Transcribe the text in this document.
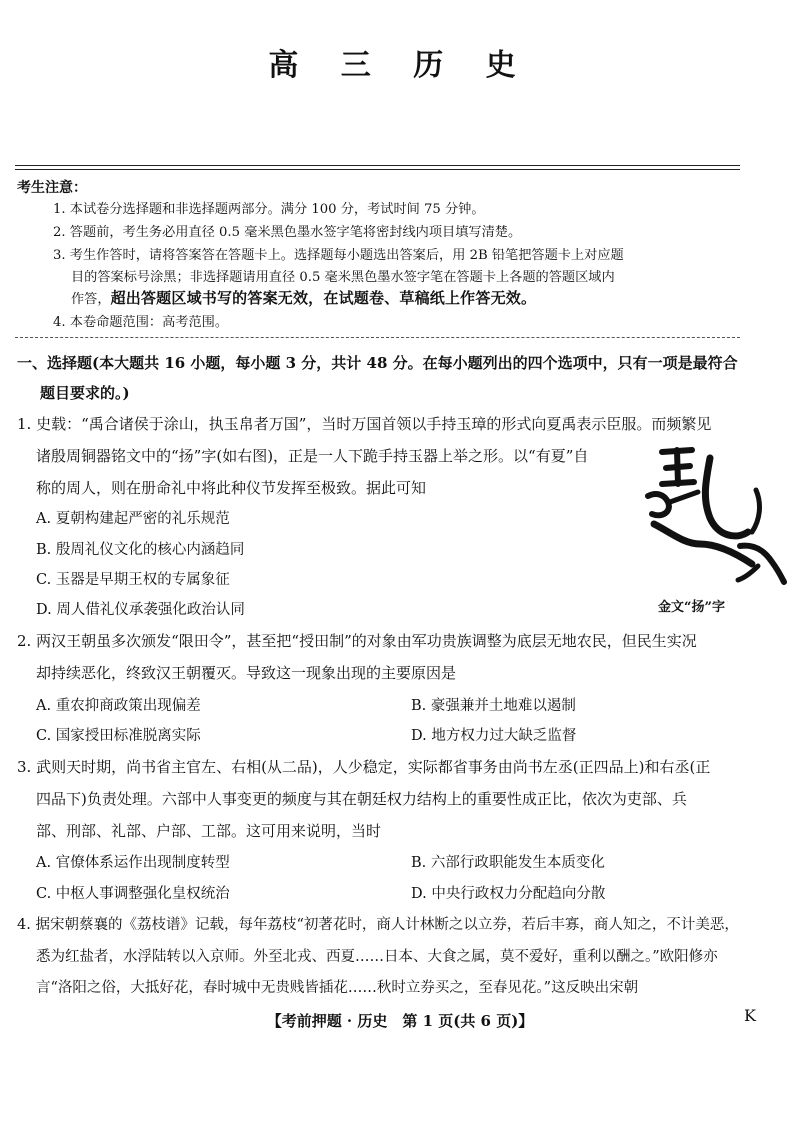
高 三 历 史
考生注意：
1. 本试卷分选择题和非选择题两部分。满分 100 分，考试时间 75 分钟。
2. 答题前，考生务必用直径 0.5 毫米黑色墨水签字笔将密封线内项目填写清楚。
3. 考生作答时，请将答案答在答题卡上。选择题每小题选出答案后，用 2B 铅笔把答题卡上对应题
目的答案标号涂黑；非选择题请用直径 0.5 毫米黑色墨水签字笔在答题卡上各题的答题区域内
作答，超出答题区域书写的答案无效，在试题卷、草稿纸上作答无效。
4. 本卷命题范围：高考范围。
一、选择题(本大题共 16 小题，每小题 3 分，共计 48 分。在每小题列出的四个选项中，只有一项是最符合
题目要求的。)
1. 史载：“禹合诸侯于涂山，执玉帛者万国”，当时万国首领以手持玉璋的形式向夏禹表示臣服。而频繁见
诸殷周铜器铭文中的“扬”字(如右图)，正是一人下跪手持玉器上举之形。以“有夏”自
称的周人，则在册命礼中将此种仪节发挥至极致。据此可知
A. 夏朝构建起严密的礼乐规范
B. 殷周礼仪文化的核心内涵趋同
C. 玉器是早期王权的专属象征
D. 周人借礼仪承袭强化政治认同	金文“扬”字
2. 两汉王朝虽多次颁发“限田令”，甚至把“授田制”的对象由军功贵族调整为底层无地农民，但民生实况
却持续恶化，终致汉王朝覆灭。导致这一现象出现的主要原因是
A. 重农抑商政策出现偏差	B. 豪强兼并土地难以遏制
C. 国家授田标准脱离实际	D. 地方权力过大缺乏监督
3. 武则天时期，尚书省主官左、右相(从二品)，人少稳定，实际都省事务由尚书左丞(正四品上)和右丞(正
四品下)负责处理。六部中人事变更的频度与其在朝廷权力结构上的重要性成正比，依次为吏部、兵
部、刑部、礼部、户部、工部。这可用来说明，当时
A. 官僚体系运作出现制度转型	B. 六部行政职能发生本质变化
C. 中枢人事调整强化皇权统治	D. 中央行政权力分配趋向分散
4. 据宋朝蔡襄的《荔枝谱》记载，每年荔枝“初著花时，商人计林断之以立券，若后丰寡，商人知之，不计美恶，
悉为红盐者，水浮陆转以入京师。外至北戎、西夏……日本、大食之属，莫不爱好，重利以酬之。”欧阳修亦
言“洛阳之俗，大抵好花，春时城中无贵贱皆插花……秋时立券买之，至春见花。”这反映出宋朝
【考前押题 · 历史　第 1 页(共 6 页)】	K
